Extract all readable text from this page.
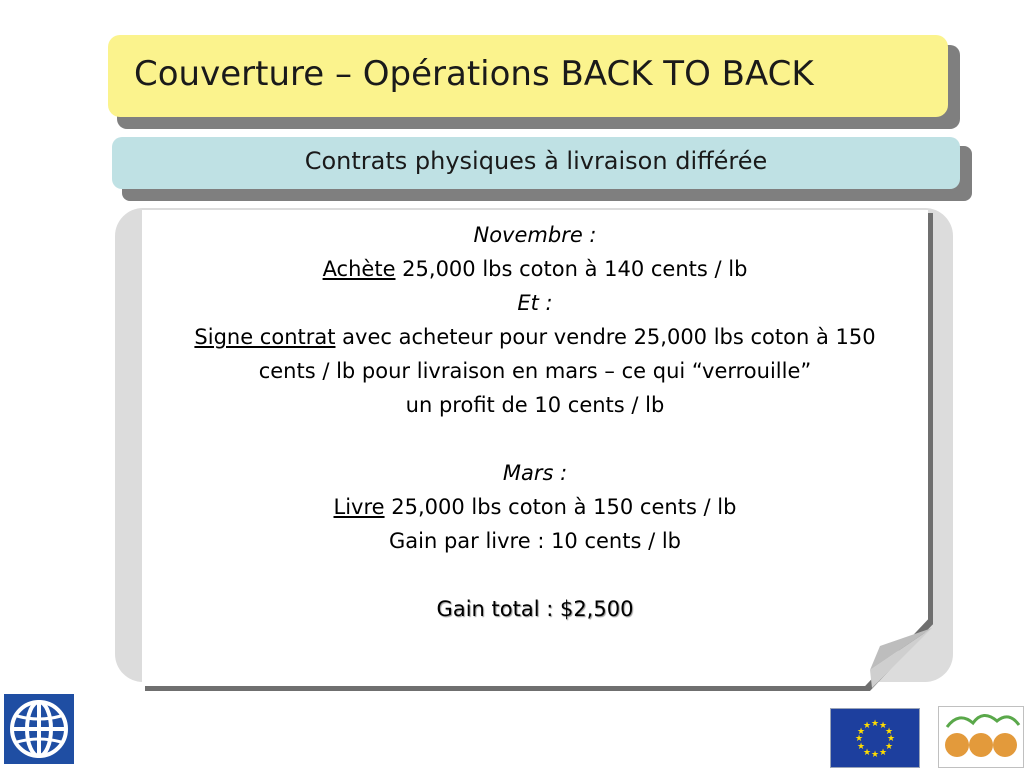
Couverture – Opérations BACK TO BACK
Contrats physiques à livraison différée
Novembre :
Achète 25,000 lbs coton à 140 cents / lb
Et :
Signe contrat avec acheteur pour vendre 25,000 lbs coton à 150
cents / lb pour livraison en mars – ce qui “verrouille”
un profit de 10 cents / lb
Mars :
Livre 25,000 lbs coton à 150 cents / lb
Gain par livre : 10 cents / lb
Gain total : $2,500
★ ★
★
★
★
★
★
★
★
★
★
★
